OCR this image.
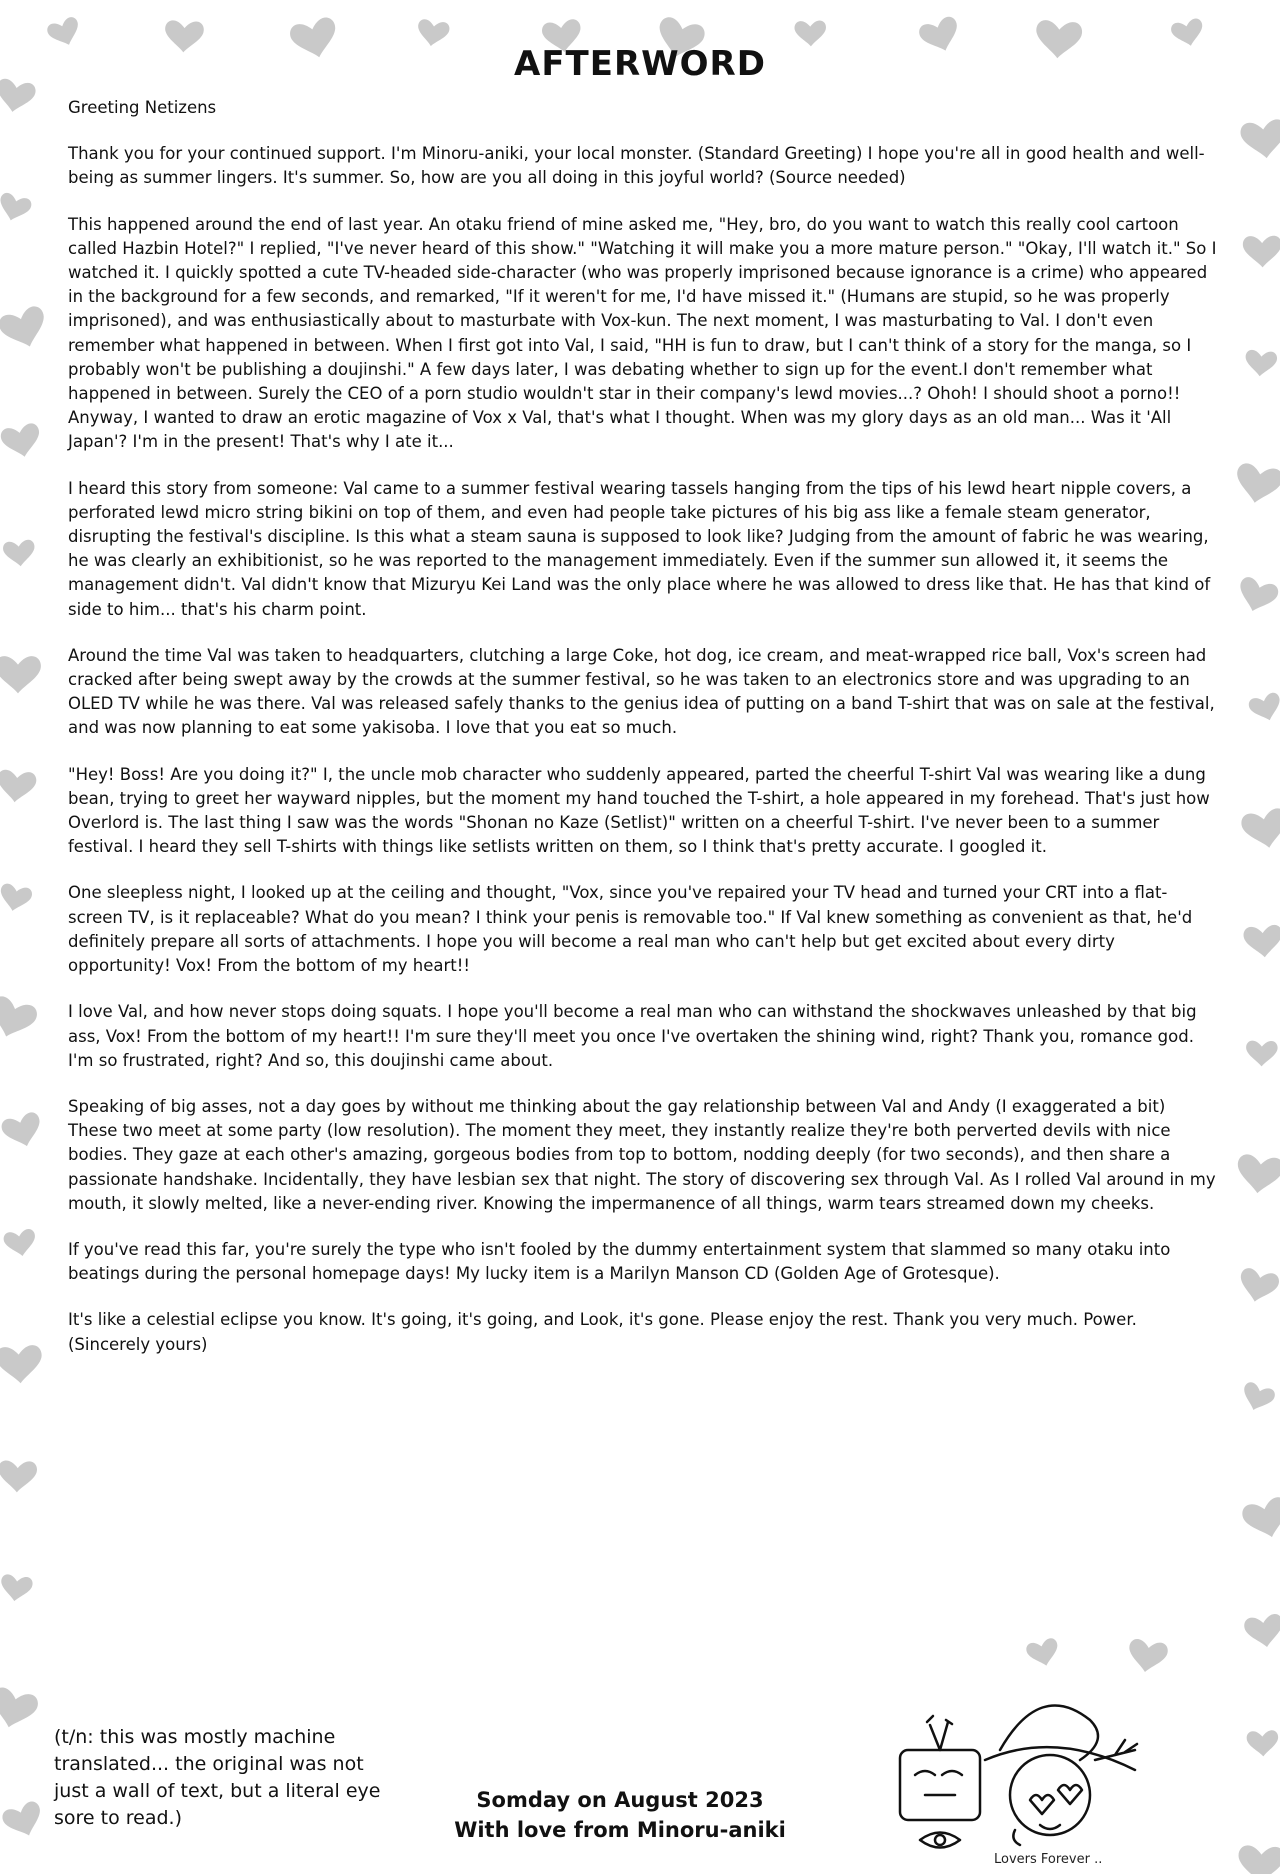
AFTERWORD
Greeting Netizens

Thank you for your continued support. I'm Minoru-aniki, your local monster. (Standard Greeting) I hope you're all in good health and well-being as summer lingers. It's summer. So, how are you all doing in this joyful world? (Source needed)

This happened around the end of last year. An otaku friend of mine asked me, "Hey, bro, do you want to watch this really cool cartoon called Hazbin Hotel?" I replied, "I've never heard of this show." "Watching it will make you a more mature person." "Okay, I'll watch it." So I watched it. I quickly spotted a cute TV-headed side-character (who was properly imprisoned because ignorance is a crime) who appeared in the background for a few seconds, and remarked, "If it weren't for me, I'd have missed it." (Humans are stupid, so he was properly imprisoned), and was enthusiastically about to masturbate with Vox-kun. The next moment, I was masturbating to Val. I don't even remember what happened in between. When I first got into Val, I said, "HH is fun to draw, but I can't think of a story for the manga, so I probably won't be publishing a doujinshi." A few days later, I was debating whether to sign up for the event.I don't remember what happened in between. Surely the CEO of a porn studio wouldn't star in their company's lewd movies...? Ohoh! I should shoot a porno!! Anyway, I wanted to draw an erotic magazine of Vox x Val, that's what I thought. When was my glory days as an old man... Was it 'All Japan'? I'm in the present! That's why I ate it...

I heard this story from someone: Val came to a summer festival wearing tassels hanging from the tips of his lewd heart nipple covers, a perforated lewd micro string bikini on top of them, and even had people take pictures of his big ass like a female steam generator, disrupting the festival's discipline. Is this what a steam sauna is supposed to look like? Judging from the amount of fabric he was wearing, he was clearly an exhibitionist, so he was reported to the management immediately. Even if the summer sun allowed it, it seems the management didn't. Val didn't know that Mizuryu Kei Land was the only place where he was allowed to dress like that. He has that kind of side to him... that's his charm point.

Around the time Val was taken to headquarters, clutching a large Coke, hot dog, ice cream, and meat-wrapped rice ball, Vox's screen had cracked after being swept away by the crowds at the summer festival, so he was taken to an electronics store and was upgrading to an OLED TV while he was there. Val was released safely thanks to the genius idea of putting on a band T-shirt that was on sale at the festival, and was now planning to eat some yakisoba. I love that you eat so much.

"Hey! Boss! Are you doing it?" I, the uncle mob character who suddenly appeared, parted the cheerful T-shirt Val was wearing like a dung bean, trying to greet her wayward nipples, but the moment my hand touched the T-shirt, a hole appeared in my forehead. That's just how Overlord is. The last thing I saw was the words "Shonan no Kaze (Setlist)" written on a cheerful T-shirt. I've never been to a summer festival. I heard they sell T-shirts with things like setlists written on them, so I think that's pretty accurate. I googled it.

One sleepless night, I looked up at the ceiling and thought, "Vox, since you've repaired your TV head and turned your CRT into a flat-screen TV, is it replaceable? What do you mean? I think your penis is removable too." If Val knew something as convenient as that, he'd definitely prepare all sorts of attachments. I hope you will become a real man who can't help but get excited about every dirty opportunity! Vox! From the bottom of my heart!!

I love Val, and how never stops doing squats. I hope you'll become a real man who can withstand the shockwaves unleashed by that big ass, Vox! From the bottom of my heart!! I'm sure they'll meet you once I've overtaken the shining wind, right? Thank you, romance god. I'm so frustrated, right? And so, this doujinshi came about.

Speaking of big asses, not a day goes by without me thinking about the gay relationship between Val and Andy (I exaggerated a bit) These two meet at some party (low resolution). The moment they meet, they instantly realize they're both perverted devils with nice bodies. They gaze at each other's amazing, gorgeous bodies from top to bottom, nodding deeply (for two seconds), and then share a passionate handshake. Incidentally, they have lesbian sex that night. The story of discovering sex through Val. As I rolled Val around in my mouth, it slowly melted, like a never-ending river. Knowing the impermanence of all things, warm tears streamed down my cheeks.

If you've read this far, you're surely the type who isn't fooled by the dummy entertainment system that slammed so many otaku into beatings during the personal homepage days! My lucky item is a Marilyn Manson CD (Golden Age of Grotesque).

It's like a celestial eclipse you know. It's going, it's going, and Look, it's gone. Please enjoy the rest. Thank you very much. Power. (Sincerely yours)

(t/n: this was mostly machine translated... the original was not just a wall of text, but a literal eye sore to read.)
Somday on August 2023
With love from Minoru-aniki
Lovers Forever ..
